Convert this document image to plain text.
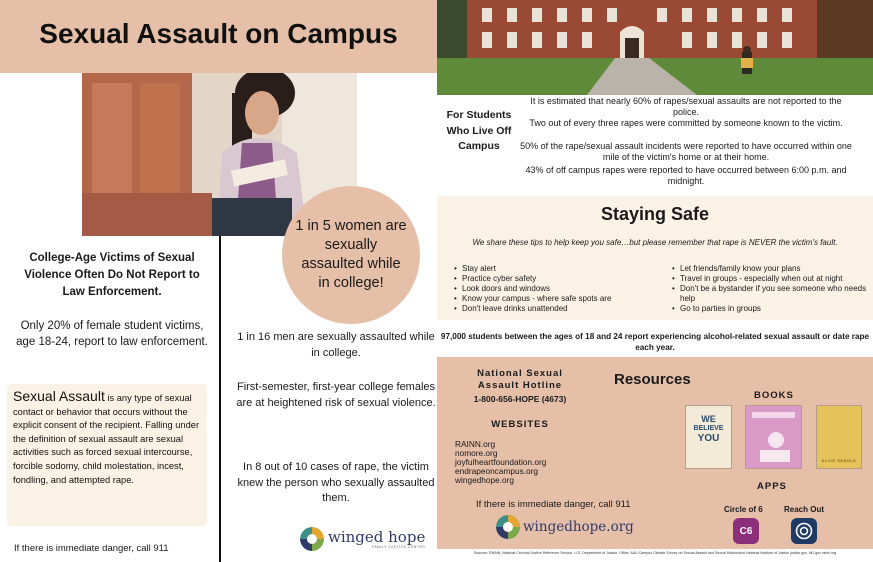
Sexual Assault on Campus
1 in 5 women are sexually assaulted while in college!
College-Age Victims of Sexual Violence Often Do Not Report to Law Enforcement.
Only 20% of female student victims, age 18-24, report to law enforcement.
Sexual Assault is any type of sexual contact or behavior that occurs without the explicit consent of the recipient. Falling under the definition of sexual assault are sexual activities such as forced sexual intercourse, forcible sodomy, child molestation, incest, fondling, and attempted rape.
If there is immediate danger, call 911
1 in 16 men are sexually assaulted while in college.
First-semester, first-year college females are at heightened risk of sexual violence.
In 8 out of 10 cases of rape, the victim knew the person who sexually assaulted them.
winged hope
FAMILY JUSTICE CENTER
For Students Who Live Off Campus
It is estimated that nearly 60% of rapes/sexual assaults are not reported to the police.
Two out of every three rapes were committed by someone known to the victim.
50% of the rape/sexual assault incidents were reported to have occurred within one mile of the victim's home or at their home.
43% of off campus rapes were reported to have occurred between 6:00 p.m. and midnight.
Staying Safe
We share these tips to help keep you safe…but please remember that rape is NEVER the victim's fault.
• Stay alert
• Practice cyber safety
• Look doors and windows
• Know your campus - where safe spots are
• Don't leave drinks unattended
• Let friends/family know your plans
• Travel in groups - especially when out at night
• Don't be a bystander if you see someone who needs help
• Go to parties in groups
97,000 students between the ages of 18 and 24 report experiencing alcohol-related sexual assault or date rape each year.
National Sexual Assault Hotline
1-800-656-HOPE (4673)
WEBSITES
RAINN.org
nomore.org
joyfulheartfoundation.org
endrapeoncampus.org
wingedhope.org
Resources
BOOKS
WE
BELIEVE
YOU
ALICE SEBOLD
APPS
Circle of 6	Reach Out
C6
If there is immediate danger, call 911
wingedhope.org
Sources: RAINN, National Criminal Justice Reference Service, U.S. Department of Justice, Office, AAU Campus Climate Survey on Sexual Assault and Sexual Misconduct National Institute of Justice justice.gov, NIJ.gov rainn.org
